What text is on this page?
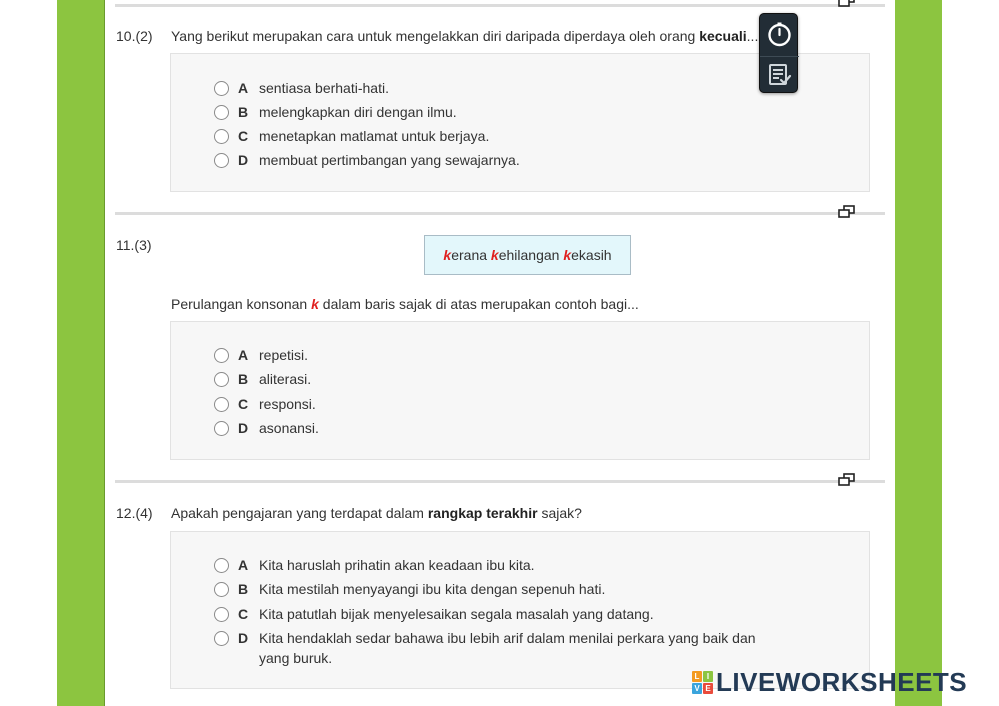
10.(2) Yang berikut merupakan cara untuk mengelakkan diri daripada diperdaya oleh orang kecuali...
A sentiasa berhati-hati.
B melengkapkan diri dengan ilmu.
C menetapkan matlamat untuk berjaya.
D membuat pertimbangan yang sewajarnya.
11.(3)
kerana
kehilangan
kekasih
Perulangan konsonan k dalam baris sajak di atas merupakan contoh bagi...
A repetisi.
B aliterasi.
C responsi.
D asonansi.
12.(4) Apakah pengajaran yang terdapat dalam rangkap terakhir sajak?
A Kita haruslah prihatin akan keadaan ibu kita.
B Kita mestilah menyayangi ibu kita dengan sepenuh hati.
C Kita patutlah bijak menyelesaikan segala masalah yang datang.
D Kita hendaklah sedar bahawa ibu lebih arif dalam menilai perkara yang baik dan
yang buruk.
L I
V E LIVEWORKSHEETS
